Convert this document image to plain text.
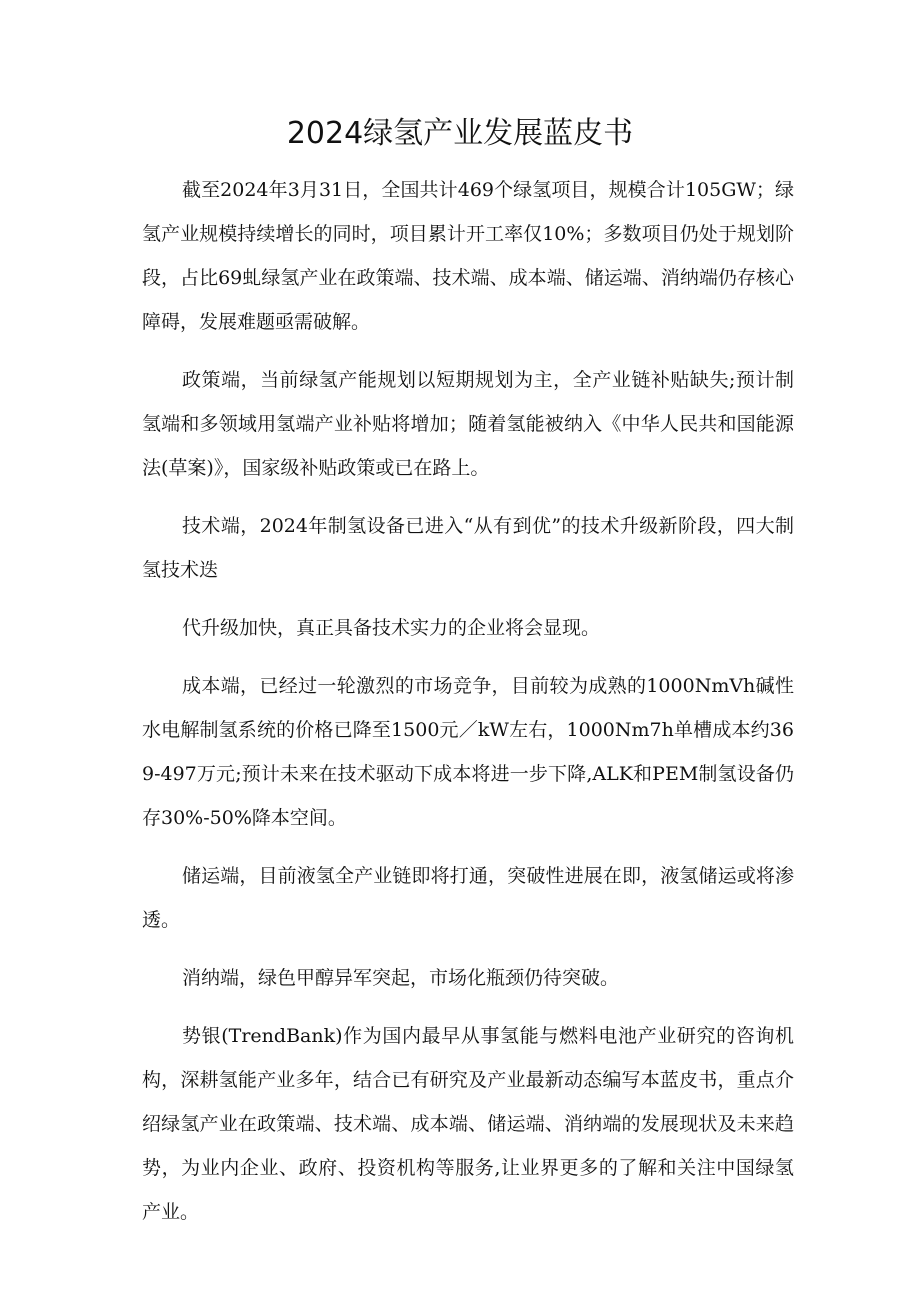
2024绿氢产业发展蓝皮书

截至2024年3月31日，全国共计469个绿氢项目，规模合计105GW；绿氢产业规模持续增长的同时，项目累计开工率仅10%；多数项目仍处于规划阶段，占比69虬绿氢产业在政策端、技术端、成本端、储运端、消纳端仍存核心障碍，发展难题亟需破解。

政策端，当前绿氢产能规划以短期规划为主，全产业链补贴缺失;预计制氢端和多领域用氢端产业补贴将增加；随着氢能被纳入《中华人民共和国能源法(草案)》，国家级补贴政策或已在路上。

技术端，2024年制氢设备已进入“从有到优”的技术升级新阶段，四大制氢技术迭

代升级加快，真正具备技术实力的企业将会显现。

成本端，已经过一轮激烈的市场竞争，目前较为成熟的1000NmVh碱性水电解制氢系统的价格已降至1500元／kW左右，1000Nm7h单槽成本约369-497万元;预计未来在技术驱动下成本将进一步下降,ALK和PEM制氢设备仍存30%-50%降本空间。

储运端，目前液氢全产业链即将打通，突破性进展在即，液氢储运或将渗透。

消纳端，绿色甲醇异军突起，市场化瓶颈仍待突破。

势银(TrendBank)作为国内最早从事氢能与燃料电池产业研究的咨询机构，深耕氢能产业多年，结合已有研究及产业最新动态编写本蓝皮书，重点介绍绿氢产业在政策端、技术端、成本端、储运端、消纳端的发展现状及未来趋势，为业内企业、政府、投资机构等服务,让业界更多的了解和关注中国绿氢产业。
